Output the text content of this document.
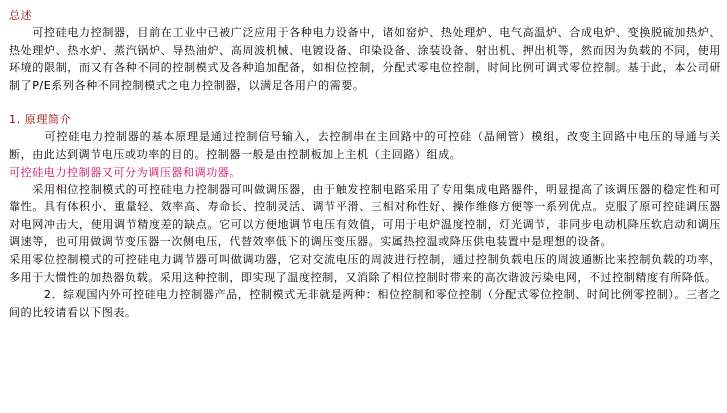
总述

　　可控硅电力控制器，目前在工业中已被广泛应用于各种电力设备中，诸如窑炉、热处理炉、电气高温炉、合成电炉、变换脱硫加热炉、热处理炉、热水炉、蒸汽锅炉、导热油炉、高周波机械、电镀设备、印染设备、涂装设备、射出机、押出机等，然而因为负载的不同，使用环境的限制，而又有各种不同的控制模式及各种追加配备，如相位控制，分配式零电位控制，时间比例可调式零位控制。基于此，本公司研制了P/E系列各种不同控制模式之电力控制器，以满足各用户的需要。

1. 原理简介

　　　可控硅电力控制器的基本原理是通过控制信号输入，去控制串在主回路中的可控硅（晶闸管）模组，改变主回路中电压的导通与关断，由此达到调节电压或功率的目的。控制器一般是由控制板加上主机（主回路）组成。

可控硅电力控制器又可分为调压器和调功器。

　　采用相位控制模式的可控硅电力控制器可叫做调压器，由于触发控制电路采用了专用集成电路器件，明显提高了该调压器的稳定性和可靠性。具有体积小、重量轻、效率高、寿命长、控制灵活、调节平滑、三相对称性好、操作维修方便等一系列优点。克服了原可控硅调压器对电网冲击大，使用调节精度差的缺点。它可以方便地调节电压有效值，可用于电炉温度控制，灯光调节，非同步电动机降压软启动和调压调速等，也可用做调节变压器一次侧电压，代替效率低下的调压变压器。实属热控温或降压供电装置中是理想的设备。

采用零位控制模式的可控硅电力调节器可叫做调功器，它对交流电压的周波进行控制，通过控制负载电压的周波通断比来控制负载的功率，多用于大惯性的加热器负载。采用这种控制，即实现了温度控制，又消除了相位控制时带来的高次谐波污染电网，不过控制精度有所降低。

　　　2．综观国内外可控硅电力控制器产品，控制模式无非就是两种：相位控制和零位控制（分配式零位控制、时间比例零控制）。三者之间的比较请看以下图表。
